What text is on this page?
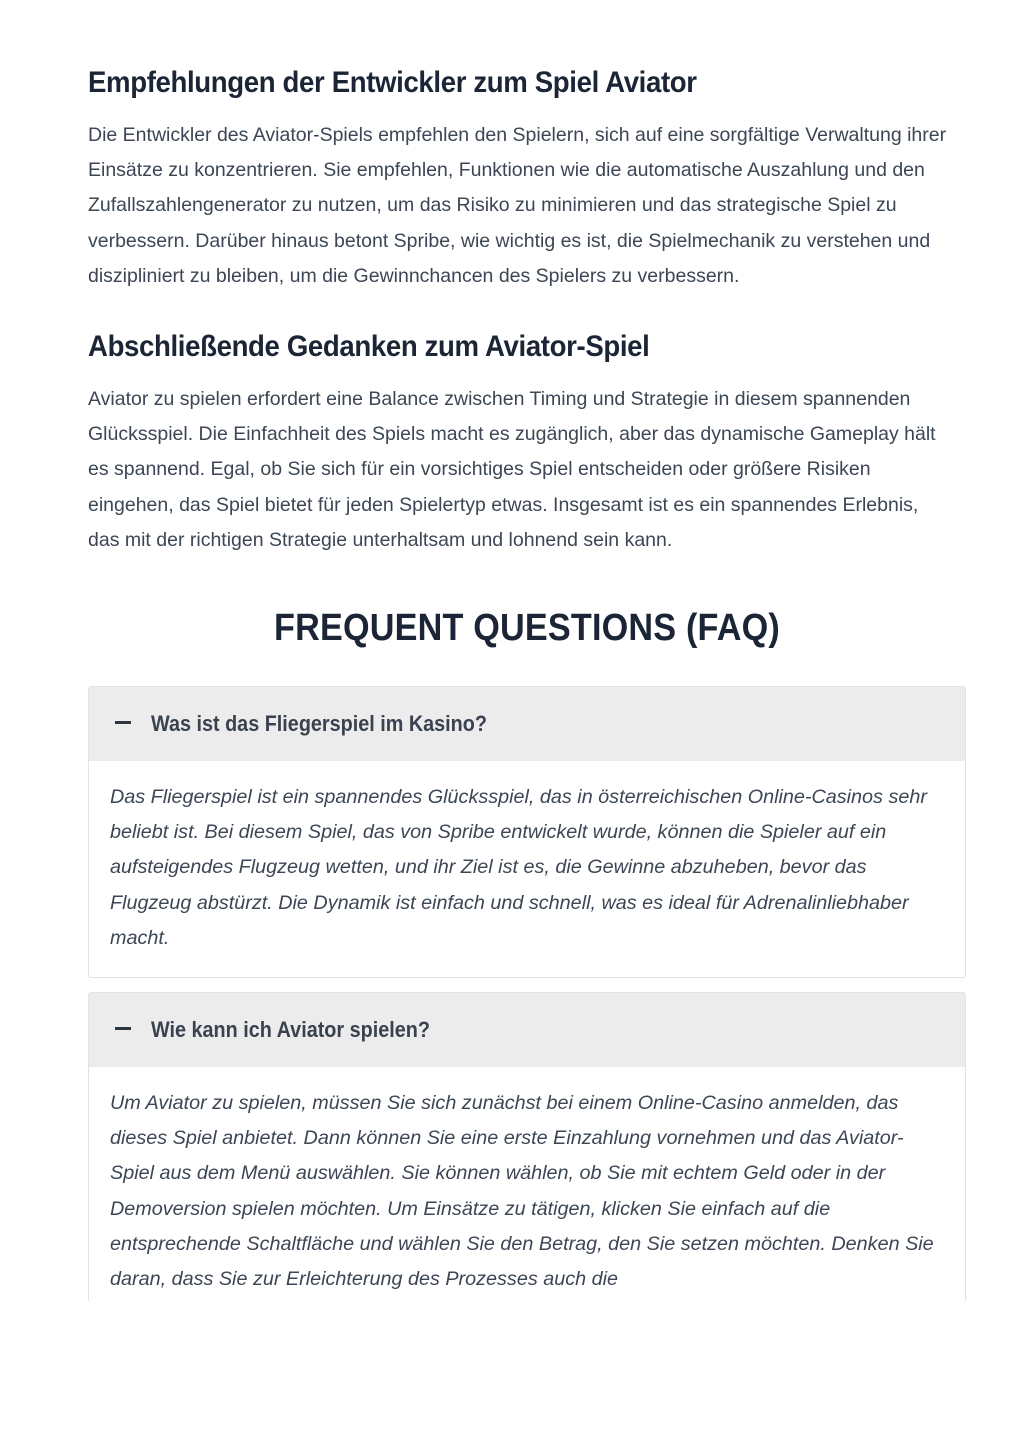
Empfehlungen der Entwickler zum Spiel Aviator

Die Entwickler des Aviator-Spiels empfehlen den Spielern, sich auf eine sorgfältige Verwaltung ihrer Einsätze zu konzentrieren. Sie empfehlen, Funktionen wie die automatische Auszahlung und den Zufallszahlengenerator zu nutzen, um das Risiko zu minimieren und das strategische Spiel zu verbessern. Darüber hinaus betont Spribe, wie wichtig es ist, die Spielmechanik zu verstehen und diszipliniert zu bleiben, um die Gewinnchancen des Spielers zu verbessern.

Abschließende Gedanken zum Aviator-Spiel

Aviator zu spielen erfordert eine Balance zwischen Timing und Strategie in diesem spannenden Glücksspiel. Die Einfachheit des Spiels macht es zugänglich, aber das dynamische Gameplay hält es spannend. Egal, ob Sie sich für ein vorsichtiges Spiel entscheiden oder größere Risiken eingehen, das Spiel bietet für jeden Spielertyp etwas. Insgesamt ist es ein spannendes Erlebnis, das mit der richtigen Strategie unterhaltsam und lohnend sein kann.

FREQUENT QUESTIONS (FAQ)
Was ist das Fliegerspiel im Kasino?
Das Fliegerspiel ist ein spannendes Glücksspiel, das in österreichischen Online-Casinos sehr beliebt ist. Bei diesem Spiel, das von Spribe entwickelt wurde, können die Spieler auf ein aufsteigendes Flugzeug wetten, und ihr Ziel ist es, die Gewinne abzuheben, bevor das Flugzeug abstürzt. Die Dynamik ist einfach und schnell, was es ideal für Adrenalinliebhaber macht.
Wie kann ich Aviator spielen?
Um Aviator zu spielen, müssen Sie sich zunächst bei einem Online-Casino anmelden, das dieses Spiel anbietet. Dann können Sie eine erste Einzahlung vornehmen und das Aviator-Spiel aus dem Menü auswählen. Sie können wählen, ob Sie mit echtem Geld oder in der Demoversion spielen möchten. Um Einsätze zu tätigen, klicken Sie einfach auf die entsprechende Schaltfläche und wählen Sie den Betrag, den Sie setzen möchten. Denken Sie daran, dass Sie zur Erleichterung des Prozesses auch die
